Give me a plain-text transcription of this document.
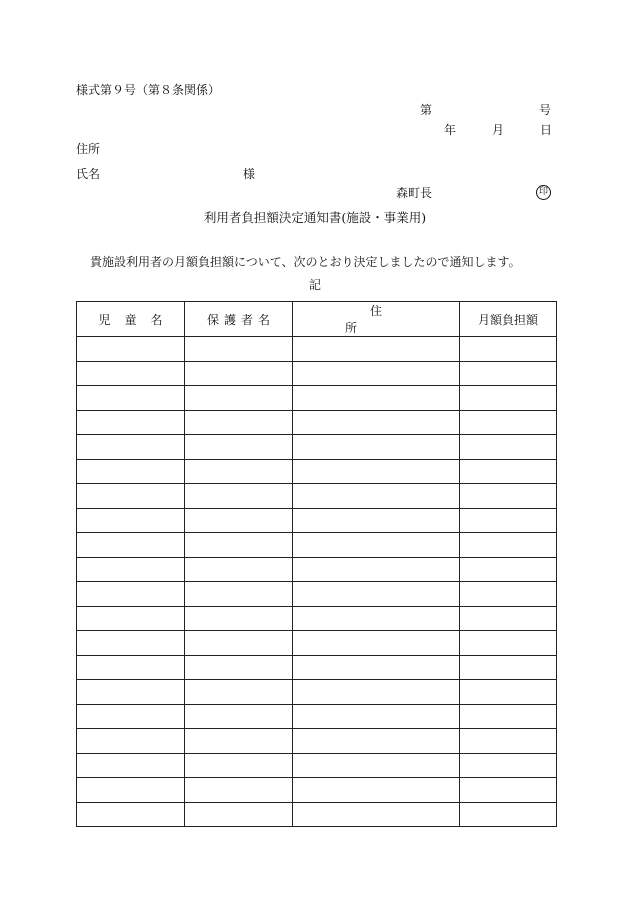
様式第９号（第８条関係）
第	号
年	月	日
住所
氏名	様
森町長	印
利用者負担額決定通知書(施設・事業用)
貴施設利用者の月額負担額について、次のとおり決定しましたので通知します。
記
児童名	保護者名	住所	月額負担額
